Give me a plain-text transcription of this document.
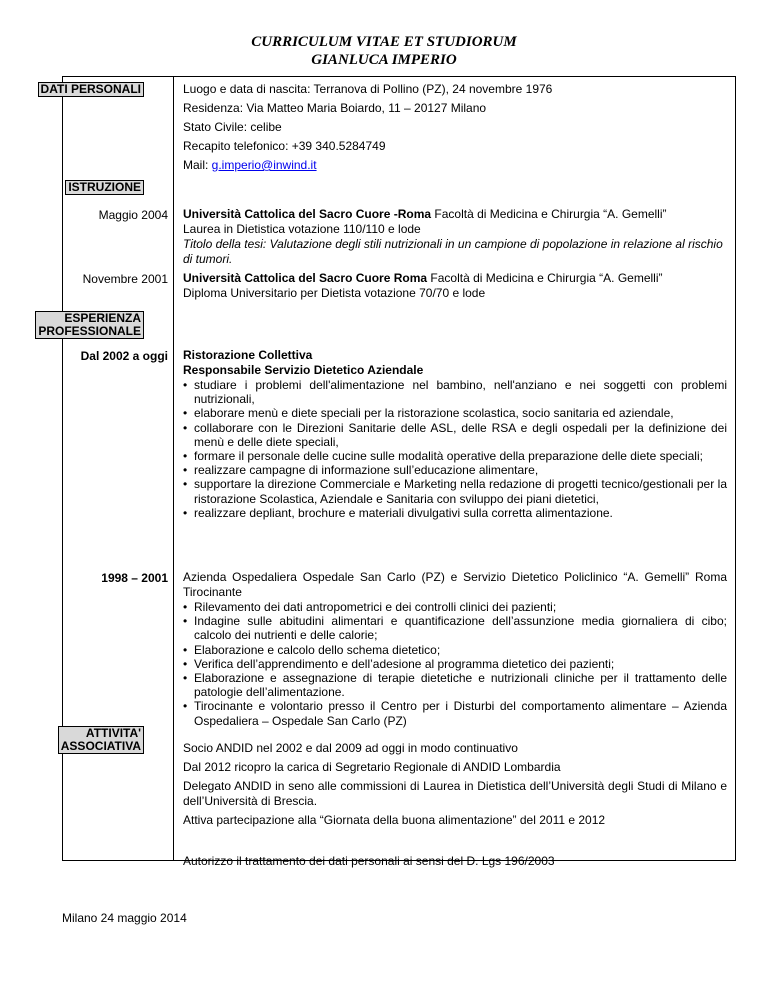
CURRICULUM VITAE ET STUDIORUM
GIANLUCA IMPERIO
DATI PERSONALI	Luogo e data di nascita: Terranova di Pollino (PZ), 24 novembre 1976

Residenza: Via Matteo Maria Boiardo, 11 – 20127 Milano

Stato Civile: celibe

Recapito telefonico: +39 340.5284749

Mail: g.imperio@inwind.it

ISTRUZIONE
Maggio 2004 Università Cattolica del Sacro Cuore -Roma Facoltà di Medicina e Chirurgia “A. Gemelli”

Laurea in Dietistica votazione 110/110 e lode

Titolo della tesi: Valutazione degli stili nutrizionali in un campione di popolazione in relazione al rischio di tumori.

Novembre 2001 Università Cattolica del Sacro Cuore Roma Facoltà di Medicina e Chirurgia “A. Gemelli”

Diploma Universitario per Dietista votazione 70/70 e lode

ESPERIENZA
PROFESSIONALE
Dal 2002 a oggi Ristorazione Collettiva

Responsabile Servizio Dietetico Aziendale

• studiare i problemi dell'alimentazione nel bambino, nell'anziano e nei soggetti con problemi nutrizionali,
• elaborare menù e diete speciali per la ristorazione scolastica, socio sanitaria ed aziendale,
• collaborare con le Direzioni Sanitarie delle ASL, delle RSA e degli ospedali per la definizione dei menù e delle diete speciali,
• formare il personale delle cucine sulle modalità operative della preparazione delle diete speciali;
• realizzare campagne di informazione sull’educazione alimentare,
• supportare la direzione Commerciale e Marketing nella redazione di progetti tecnico/gestionali per la ristorazione Scolastica, Aziendale e Sanitaria con sviluppo dei piani dietetici,
• realizzare depliant, brochure e materiali divulgativi sulla corretta alimentazione.
1998 – 2001 Azienda Ospedaliera Ospedale San Carlo (PZ) e Servizio Dietetico Policlinico “A. Gemelli” Roma Tirocinante

• Rilevamento dei dati antropometrici e dei controlli clinici dei pazienti;
• Indagine sulle abitudini alimentari e quantificazione dell’assunzione media giornaliera di cibo; calcolo dei nutrienti e delle calorie;
• Elaborazione e calcolo dello schema dietetico;
• Verifica dell’apprendimento e dell’adesione al programma dietetico dei pazienti;
• Elaborazione e assegnazione di terapie dietetiche e nutrizionali cliniche per il trattamento delle patologie dell’alimentazione.
• Tirocinante e volontario presso il Centro per i Disturbi del comportamento alimentare – Azienda Ospedaliera – Ospedale San Carlo (PZ)
ATTIVITA'
ASSOCIATIVA	Socio ANDID nel 2002 e dal 2009 ad oggi in modo continuativo

Dal 2012 ricopro la carica di Segretario Regionale di ANDID Lombardia

Delegato ANDID in seno alle commissioni di Laurea in Dietistica dell’Università degli Studi di Milano e dell’Università di Brescia.

Attiva partecipazione alla “Giornata della buona alimentazione” del 2011 e 2012

Autorizzo il trattamento dei dati personali ai sensi del D. Lgs 196/2003
Milano 24 maggio 2014
